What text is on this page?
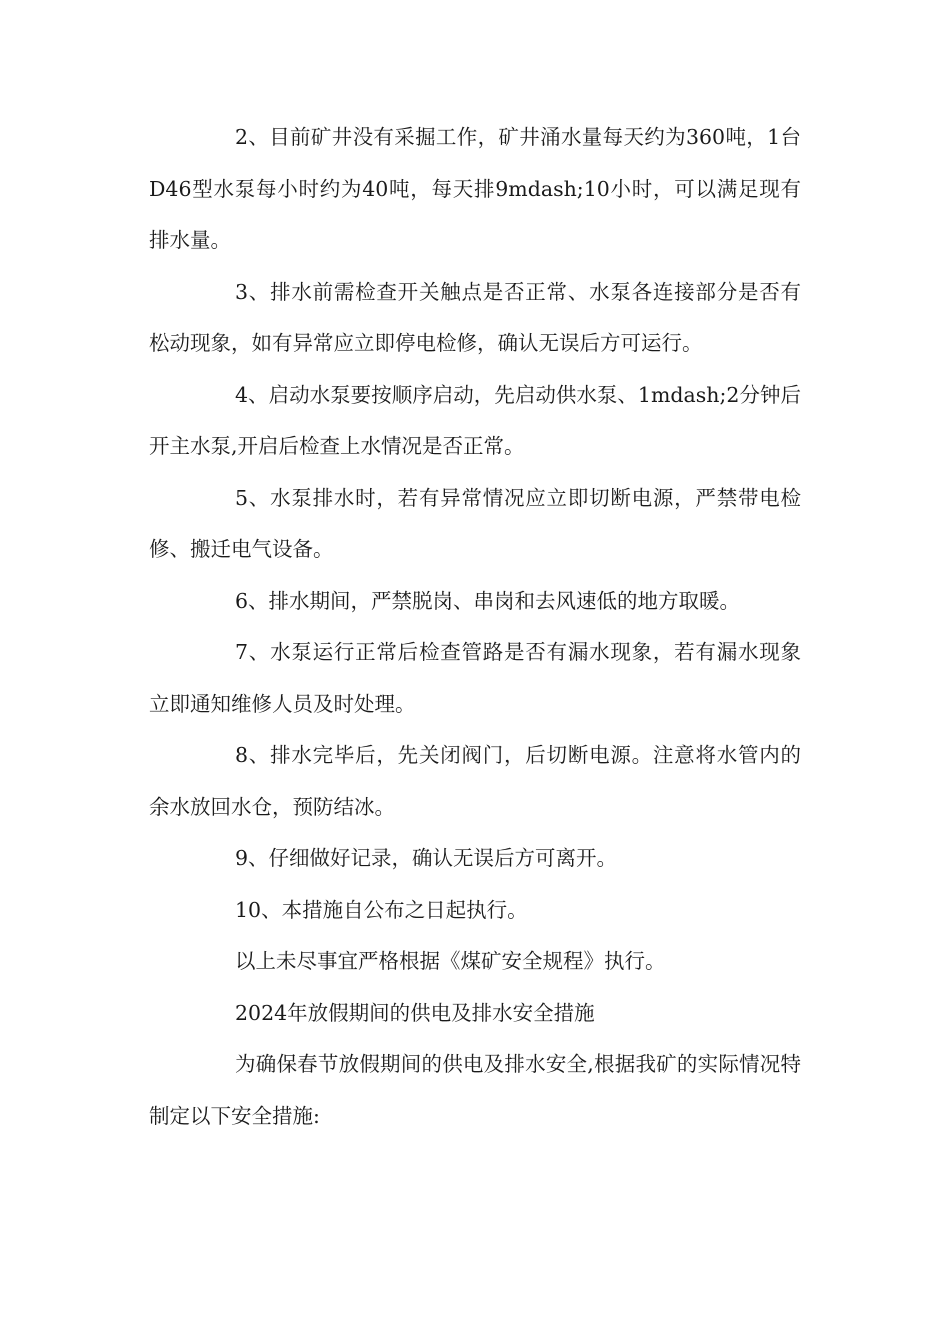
2、目前矿井没有采掘工作，矿井涌水量每天约为360吨，1台D46型水泵每小时约为40吨，每天排9mdash;10小时，可以满足现有排水量。

3、排水前需检查开关触点是否正常、水泵各连接部分是否有松动现象，如有异常应立即停电检修，确认无误后方可运行。

4、启动水泵要按顺序启动，先启动供水泵、1mdash;2分钟后开主水泵,开启后检查上水情况是否正常。

5、水泵排水时，若有异常情况应立即切断电源，严禁带电检修、搬迁电气设备。

6、排水期间，严禁脱岗、串岗和去风速低的地方取暖。

7、水泵运行正常后检查管路是否有漏水现象，若有漏水现象立即通知维修人员及时处理。

8、排水完毕后，先关闭阀门，后切断电源。注意将水管内的余水放回水仓，预防结冰。

9、仔细做好记录，确认无误后方可离开。

10、本措施自公布之日起执行。

以上未尽事宜严格根据《煤矿安全规程》执行。

2024年放假期间的供电及排水安全措施

为确保春节放假期间的供电及排水安全,根据我矿的实际情况特制定以下安全措施:
